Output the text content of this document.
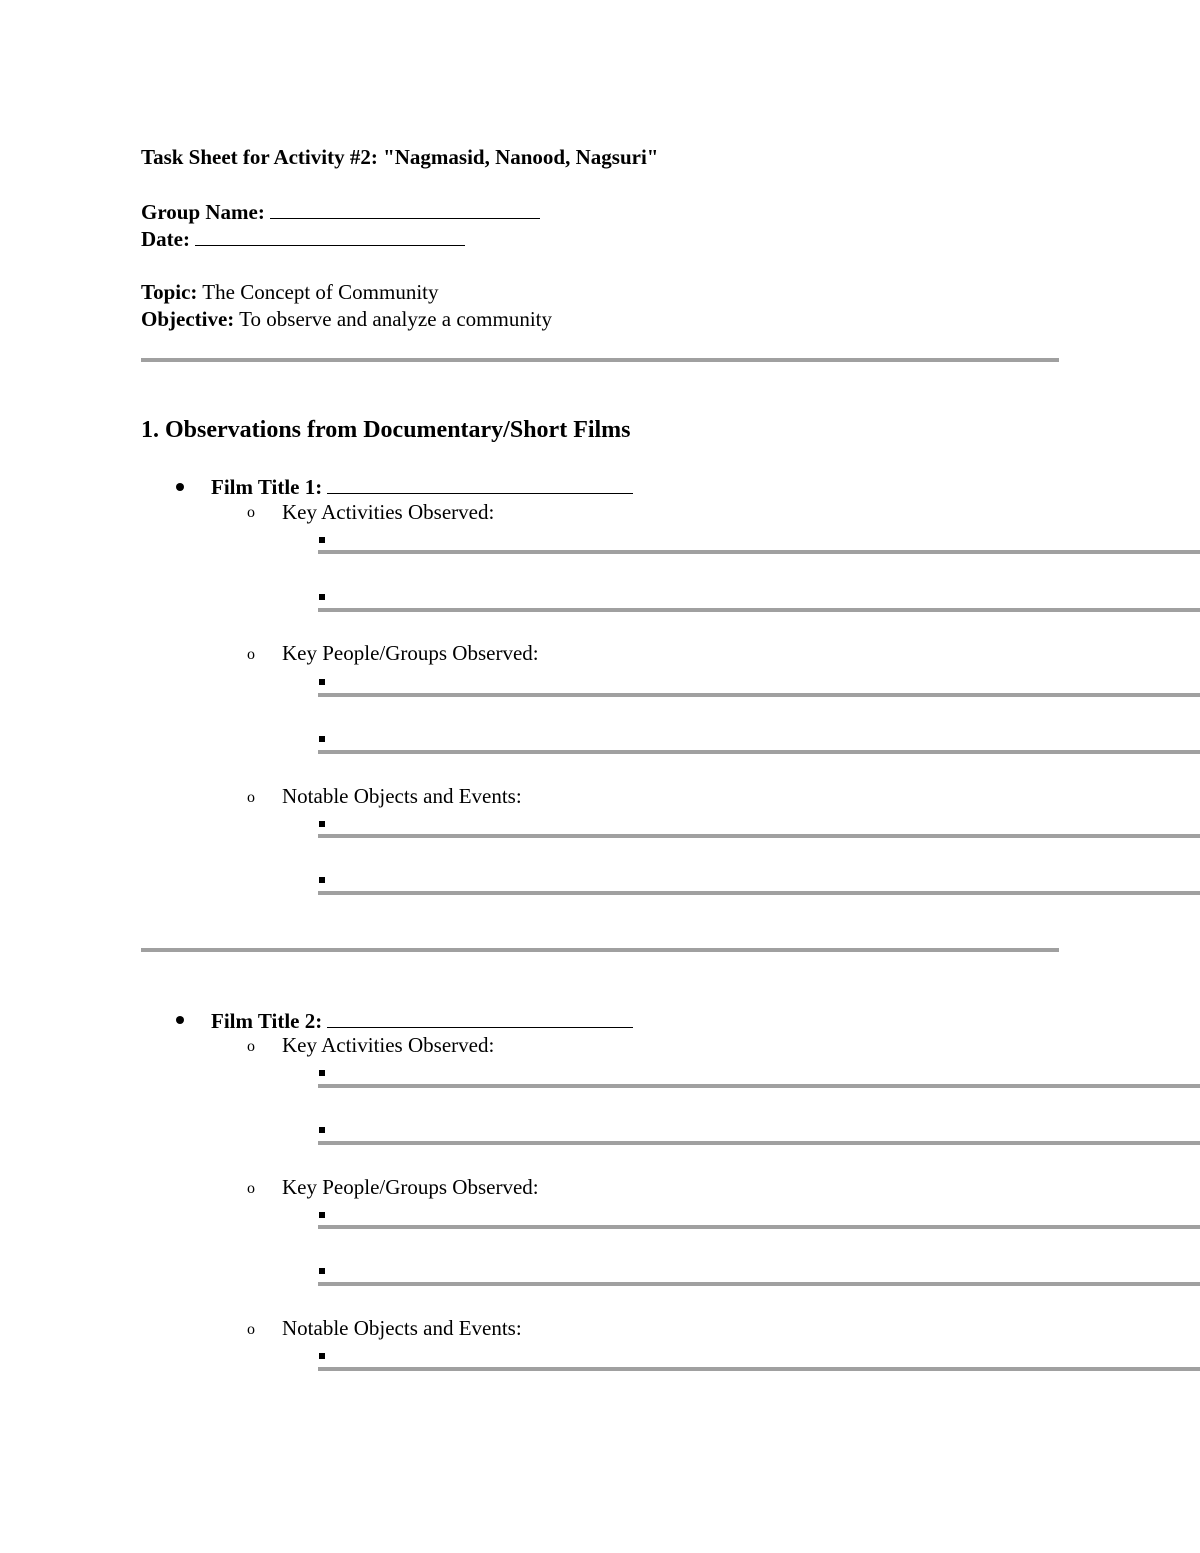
Task Sheet for Activity #2: "Nagmasid, Nanood, Nagsuri"
Group Name:
Date:
Topic: The Concept of Community
Objective: To observe and analyze a community
1. Observations from Documentary/Short Films
Film Title 1:
o Key Activities Observed:
o Key People/Groups Observed:
o Notable Objects and Events:
Film Title 2:
o Key Activities Observed:
o Key People/Groups Observed:
o Notable Objects and Events:
